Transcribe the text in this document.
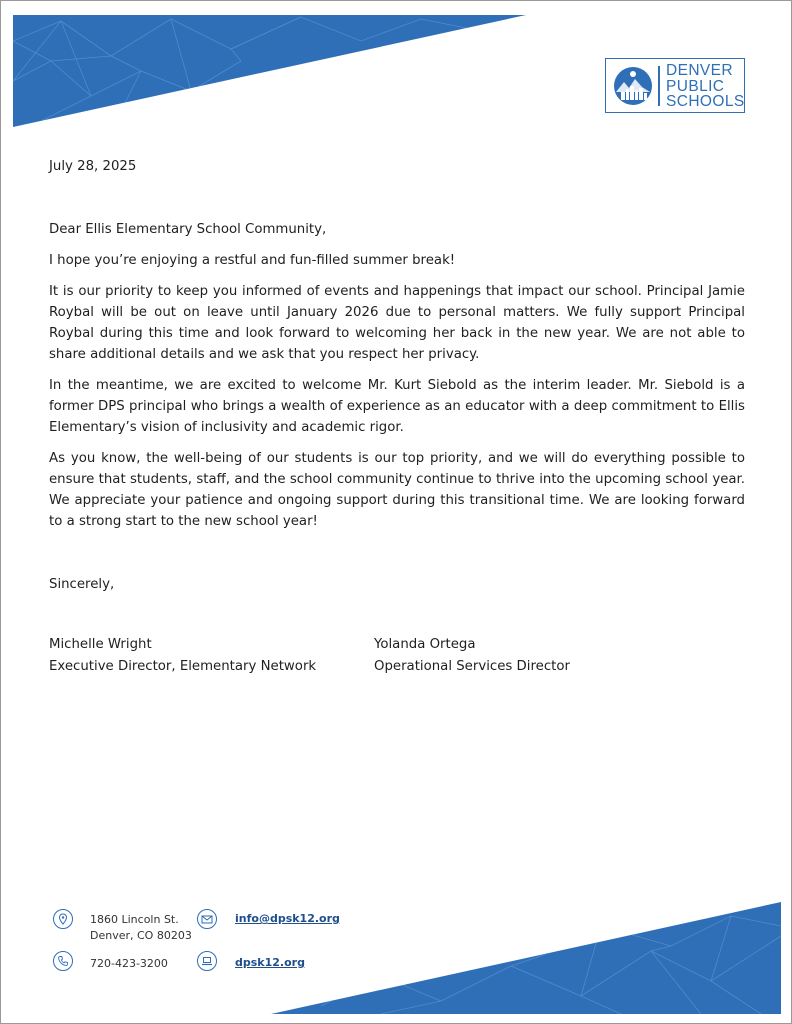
DENVER
PUBLIC
SCHOOLS
July 28, 2025
Dear Ellis Elementary School Community,
I hope you’re enjoying a restful and fun-filled summer break!
It is our priority to keep you informed of events and happenings that impact our school. Principal Jamie Roybal will be out on leave until January 2026 due to personal matters. We fully support Principal Roybal during this time and look forward to welcoming her back in the new year. We are not able to share additional details and we ask that you respect her privacy.
In the meantime, we are excited to welcome Mr. Kurt Siebold as the interim leader. Mr. Siebold is a former DPS principal who brings a wealth of experience as an educator with a deep commitment to Ellis Elementary’s vision of inclusivity and academic rigor.
As you know, the well-being of our students is our top priority, and we will do everything possible to ensure that students, staff, and the school community continue to thrive into the upcoming school year. We appreciate your patience and ongoing support during this transitional time. We are looking forward to a strong start to the new school year!
Sincerely,
Michelle Wright
Executive Director, Elementary Network
Yolanda Ortega
Operational Services Director
1860 Lincoln St.
Denver, CO 80203
info@dpsk12.org
720-423-3200	dpsk12.org
